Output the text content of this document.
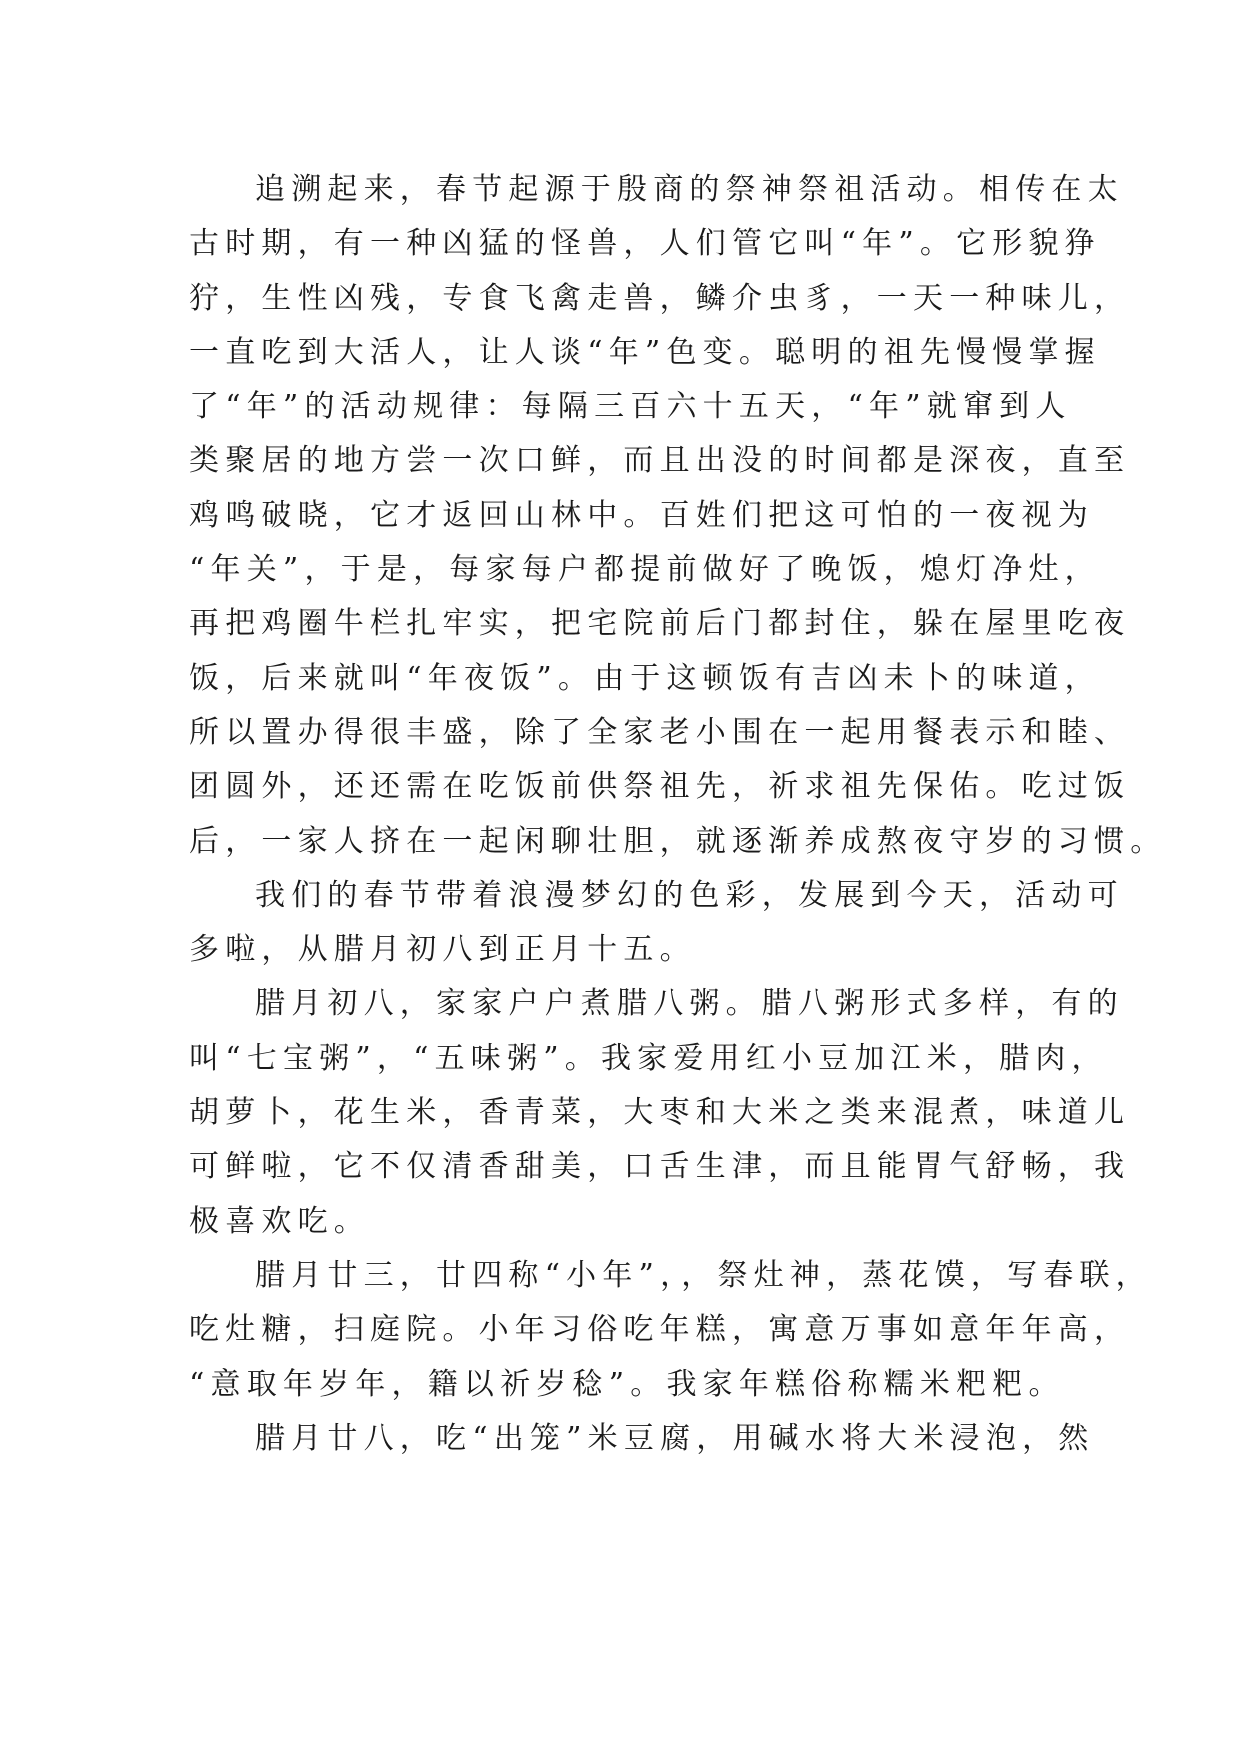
追溯起来，春节起源于殷商的祭神祭祖活动。相传在太
古时期，有一种凶猛的怪兽，人们管它叫“年”。它形貌狰
狞，生性凶残，专食飞禽走兽，鳞介虫豸，一天一种味儿，
一直吃到大活人，让人谈“年”色变。聪明的祖先慢慢掌握
了“年”的活动规律：每隔三百六十五天，“年”就窜到人
类聚居的地方尝一次口鲜，而且出没的时间都是深夜，直至
鸡鸣破晓，它才返回山林中。百姓们把这可怕的一夜视为
“年关”，于是，每家每户都提前做好了晚饭，熄灯净灶，
再把鸡圈牛栏扎牢实，把宅院前后门都封住，躲在屋里吃夜
饭，后来就叫“年夜饭”。由于这顿饭有吉凶未卜的味道，
所以置办得很丰盛，除了全家老小围在一起用餐表示和睦、
团圆外，还还需在吃饭前供祭祖先，祈求祖先保佑。吃过饭
后，一家人挤在一起闲聊壮胆，就逐渐养成熬夜守岁的习惯。
我们的春节带着浪漫梦幻的色彩，发展到今天，活动可
多啦，从腊月初八到正月十五。
腊月初八，家家户户煮腊八粥。腊八粥形式多样，有的
叫“七宝粥”，“五味粥”。我家爱用红小豆加江米，腊肉，
胡萝卜，花生米，香青菜，大枣和大米之类来混煮，味道儿
可鲜啦，它不仅清香甜美，口舌生津，而且能胃气舒畅，我
极喜欢吃。
腊月廿三，廿四称“小年”，，祭灶神，蒸花馍，写春联，
吃灶糖，扫庭院。小年习俗吃年糕，寓意万事如意年年高，
“意取年岁年，籍以祈岁稔”。我家年糕俗称糯米粑粑。
腊月廿八，吃“出笼”米豆腐，用碱水将大米浸泡，然
